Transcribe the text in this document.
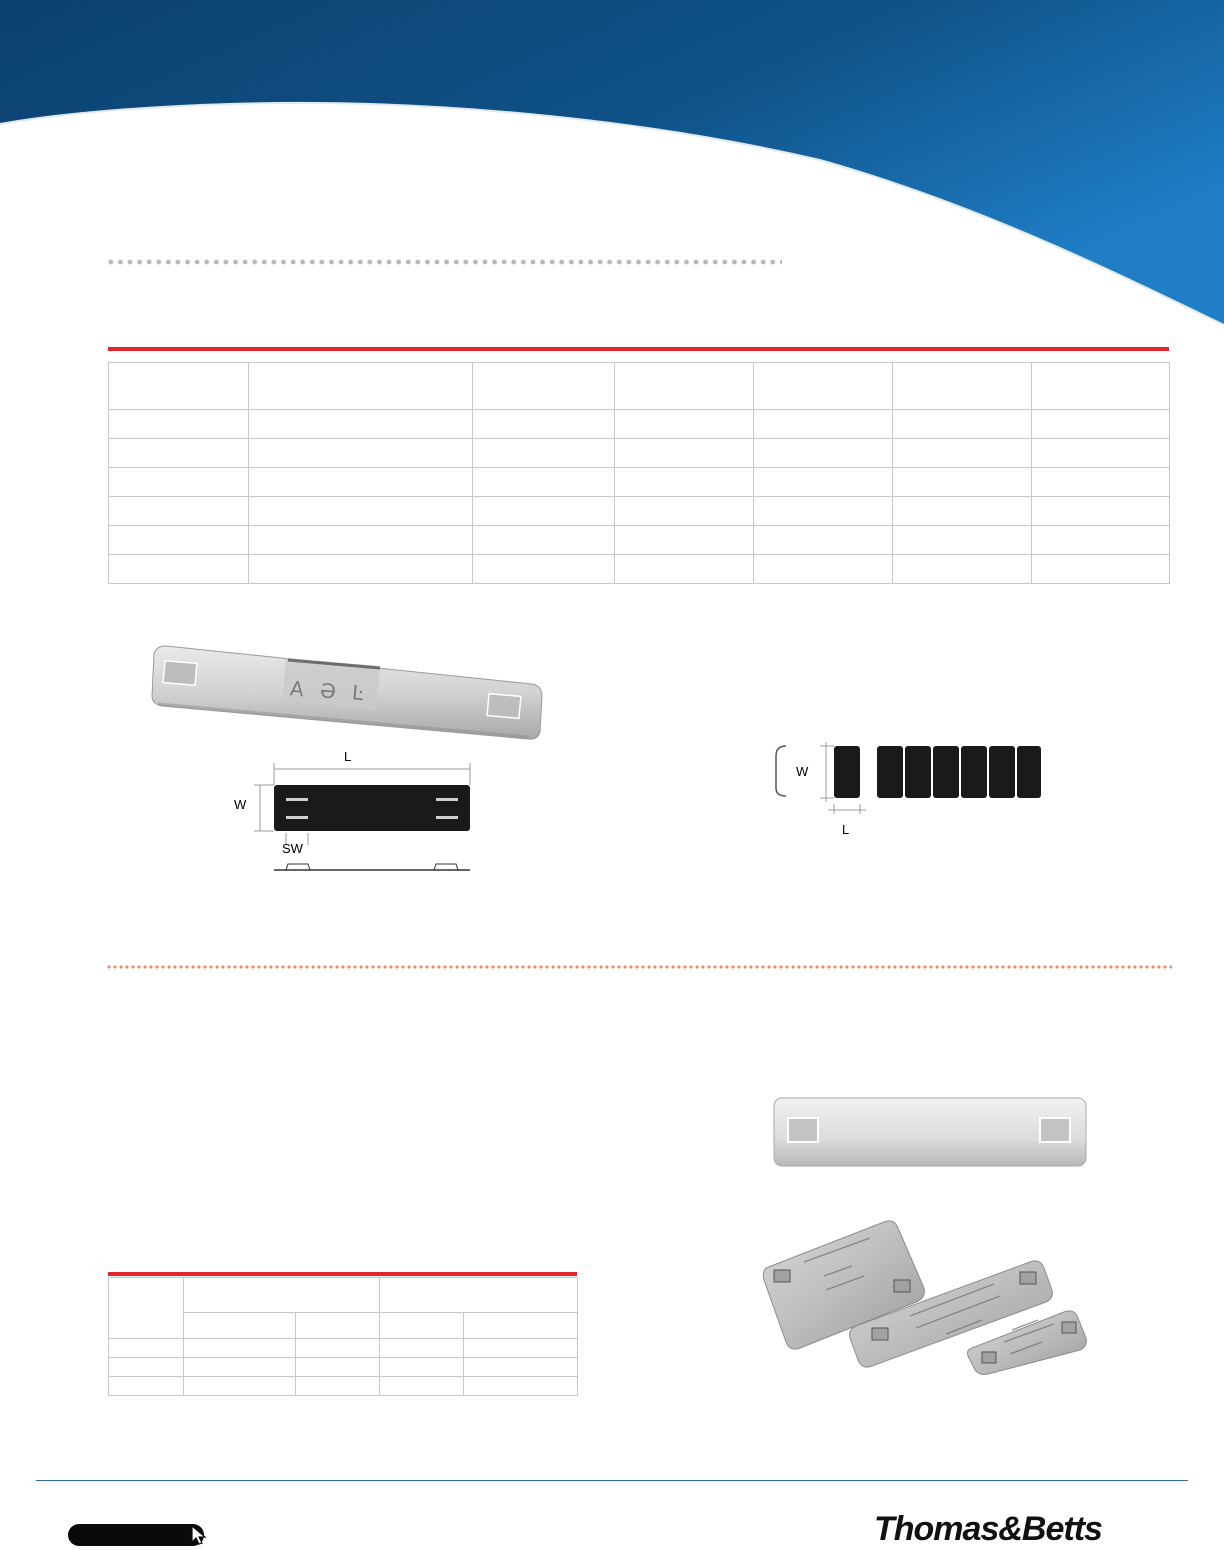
A Ə Ŀ
L
W
SW
W
L

Thomas&Betts
